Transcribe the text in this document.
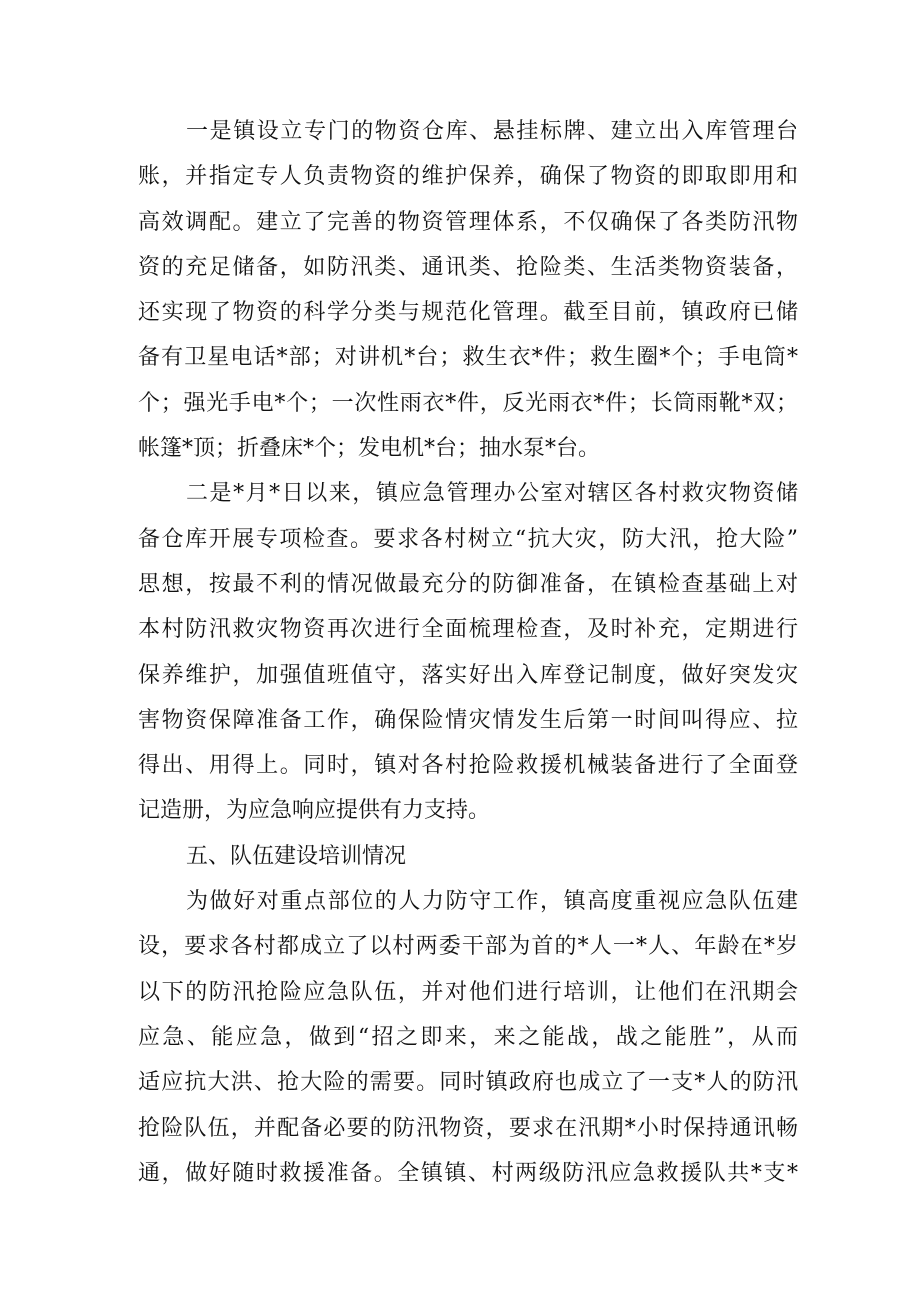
一是镇设立专门的物资仓库、悬挂标牌、建立出入库管理台
账，并指定专人负责物资的维护保养，确保了物资的即取即用和
高效调配。建立了完善的物资管理体系，不仅确保了各类防汛物
资的充足储备，如防汛类、通讯类、抢险类、生活类物资装备，
还实现了物资的科学分类与规范化管理。截至目前，镇政府已储
备有卫星电话*部；对讲机*台；救生衣*件；救生圈*个；手电筒*
个；强光手电*个；一次性雨衣*件，反光雨衣*件；长筒雨靴*双；
帐篷*顶；折叠床*个；发电机*台；抽水泵*台。
二是*月*日以来，镇应急管理办公室对辖区各村救灾物资储
备仓库开展专项检查。要求各村树立“抗大灾，防大汛，抢大险”
思想，按最不利的情况做最充分的防御准备，在镇检查基础上对
本村防汛救灾物资再次进行全面梳理检查，及时补充，定期进行
保养维护，加强值班值守，落实好出入库登记制度，做好突发灾
害物资保障准备工作，确保险情灾情发生后第一时间叫得应、拉
得出、用得上。同时，镇对各村抢险救援机械装备进行了全面登
记造册，为应急响应提供有力支持。
五、队伍建设培训情况
为做好对重点部位的人力防守工作，镇高度重视应急队伍建
设，要求各村都成立了以村两委干部为首的*人一*人、年龄在*岁
以下的防汛抢险应急队伍，并对他们进行培训，让他们在汛期会
应急、能应急，做到“招之即来，来之能战，战之能胜”，从而
适应抗大洪、抢大险的需要。同时镇政府也成立了一支*人的防汛
抢险队伍，并配备必要的防汛物资，要求在汛期*小时保持通讯畅
通，做好随时救援准备。全镇镇、村两级防汛应急救援队共*支*
